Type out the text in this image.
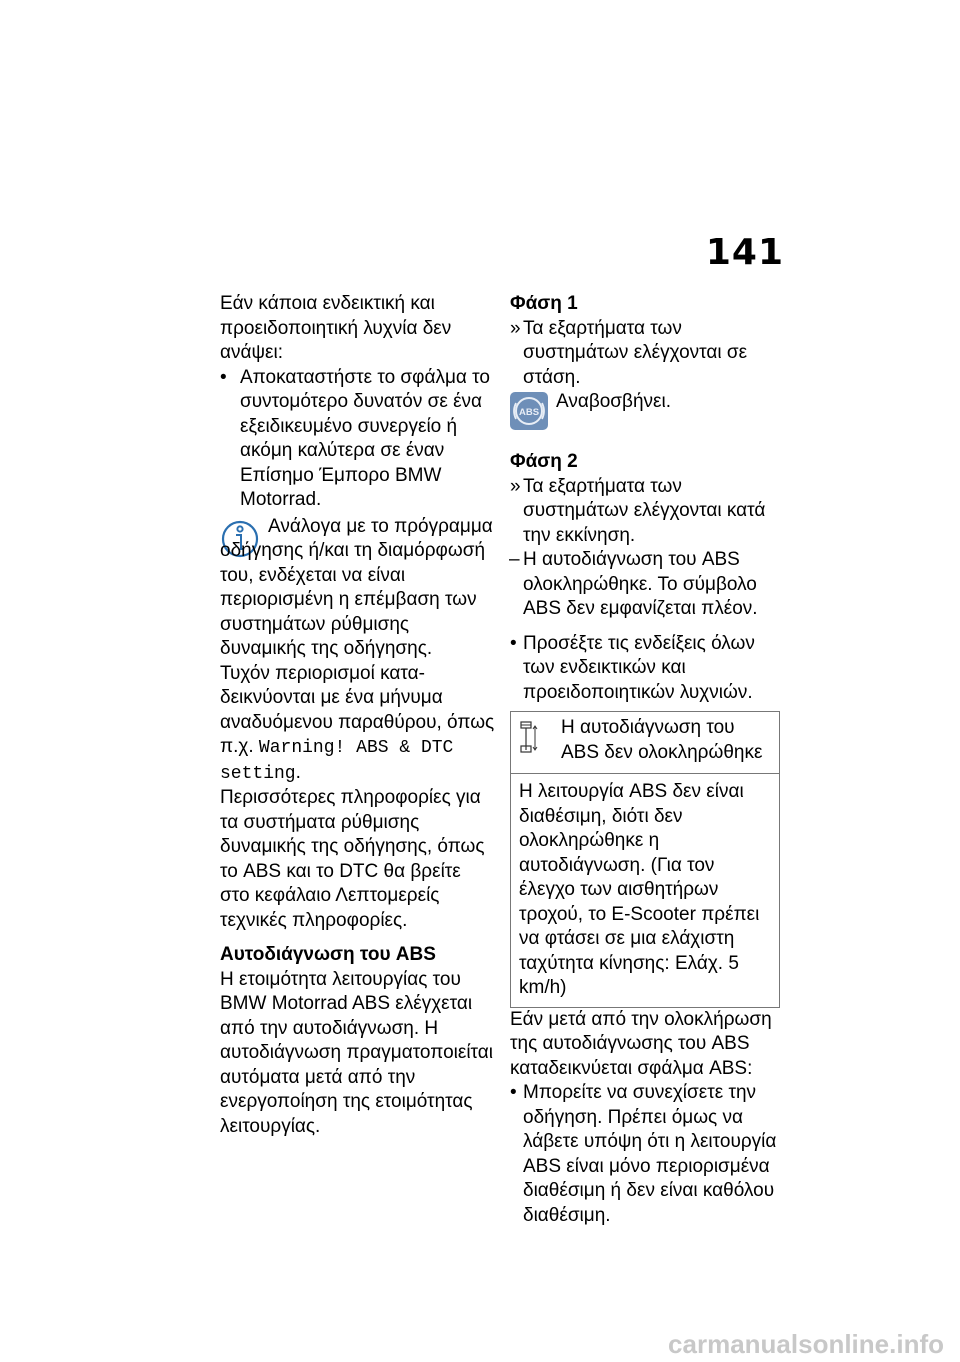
141

Εάν κάποια ενδεικτική και προειδοποιητική λυχνία δεν ανάψει:

• Αποκαταστήστε το σφάλμα το συντομότερο δυνατόν σε ένα εξειδικευμένο συνεργείο ή ακόμη καλύτερα σε έναν Επίσημο Έμπορο BMW Motorrad.

Ανάλογα με το πρόγραμμα οδήγησης ή/και τη διαμόρφωσή του, ενδέχεται να είναι περιορισμένη η επέμβαση των συστημάτων ρύθμισης δυναμικής της οδήγησης.

Τυχόν περιορισμοί κατα-δεικνύονται με ένα μήνυμα αναδυόμενου παραθύρου, όπως π.χ. Warning! ABS & DTC setting.

Περισσότερες πληροφορίες για τα συστήματα ρύθμισης δυναμικής της οδήγησης, όπως το ABS και το DTC θα βρείτε στο κεφάλαιο Λεπτομερείς τεχνικές πληροφορίες.

Αυτοδιάγνωση του ABS

Η ετοιμότητα λειτουργίας του BMW Motorrad ABS ελέγχεται από την αυτοδιάγνωση. Η αυτοδιάγνωση πραγματοποιείται αυτόματα μετά από την ενεργοποίηση της ετοιμότητας λειτουργίας.

Φάση 1

» Τα εξαρτήματα των συστημάτων ελέγχονται σε στάση.

ABS
Αναβοσβήνει.

Φάση 2

» Τα εξαρτήματα των συστημάτων ελέγχονται κατά την εκκίνηση.

– Η αυτοδιάγνωση του ABS ολοκληρώθηκε. Το σύμβολο ABS δεν εμφανίζεται πλέον.

• Προσέξτε τις ενδείξεις όλων των ενδεικτικών και προειδοποιητικών λυχνιών.

Η αυτοδιάγνωση του ABS δεν ολοκληρώθηκε
Η λειτουργία ABS δεν είναι διαθέσιμη, διότι δεν ολοκληρώθηκε η αυτοδιάγνωση. (Για τον έλεγχο των αισθητήρων τροχού, το E-Scooter πρέπει να φτάσει σε μια ελάχιστη ταχύτητα κίνησης: Ελάχ. 5 km/h)

Εάν μετά από την ολοκλήρωση της αυτοδιάγνωσης του ABS καταδεικνύεται σφάλμα ABS:

• Μπορείτε να συνεχίσετε την οδήγηση. Πρέπει όμως να λάβετε υπόψη ότι η λειτουργία ABS είναι μόνο περιορισμένα διαθέσιμη ή δεν είναι καθόλου διαθέσιμη.

carmanualsonline.info
